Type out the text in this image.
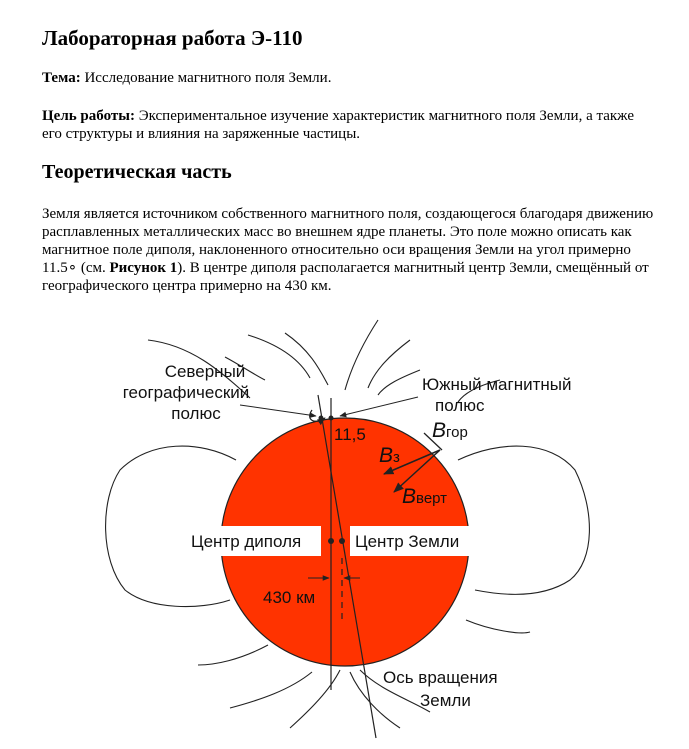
Лабораторная работа Э-110

Тема: Исследование магнитного поля Земли.

Цель работы: Экспериментальное изучение характеристик магнитного поля Земли, а также его структуры и влияния на заряженные частицы.

Теоретическая часть

Земля является источником собственного магнитного поля, создающегося благодаря движению расплавленных металлических масс во внешнем ядре планеты. Это поле можно описать как магнитное поле диполя, наклоненного относительно оси вращения Земли на угол примерно 11.5∘ (см. Рисунок 1). В центре диполя располагается магнитный центр Земли, смещённый от географического центра примерно на 430 км.

Северный
географический
полюс
Южный магнитный
полюс
11,5	Bгор
Bз
Bверт
Центр диполя	Центр Земли
430 км
Ось вращения
Земли
